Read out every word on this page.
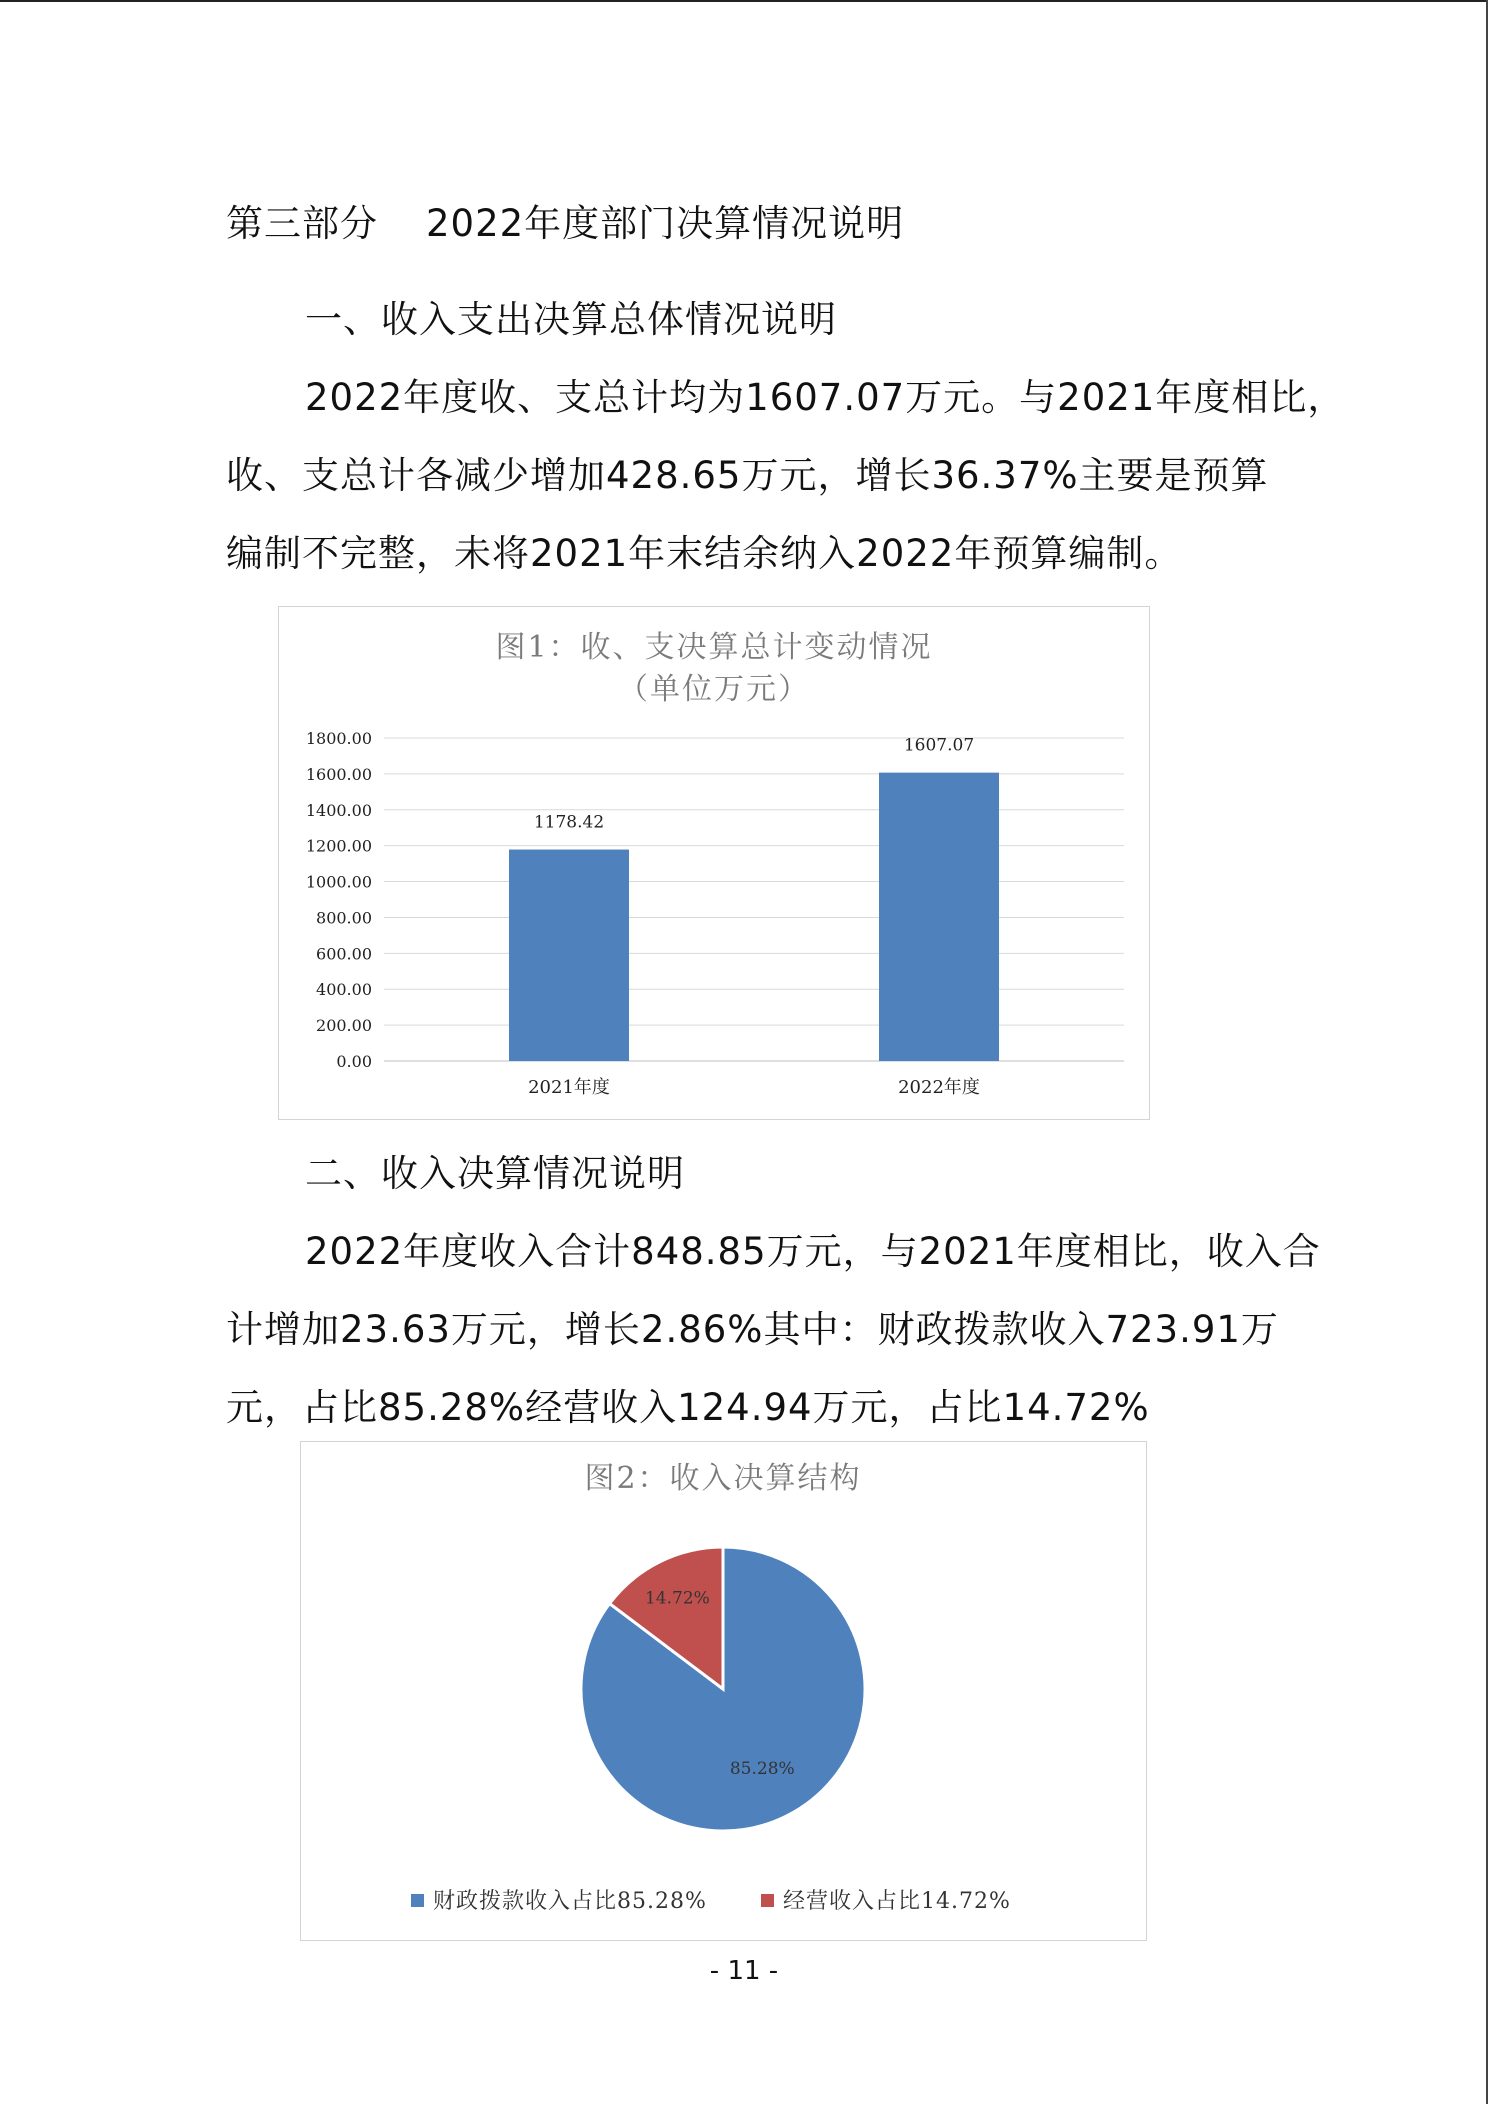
第三部分 2022年度部门决算情况说明
一、收入支出决算总体情况说明
2022年度收、支总计均为1607.07万元。与2021年度相比，
收、支总计各减少增加428.65万元，增长36.37%主要是预算
编制不完整，未将2021年末结余纳入2022年预算编制。
图1：收、支决算总计变动情况
（单位万元）
0.00
200.00
400.00
600.00
800.00
1000.00
1200.00
1400.00
1600.00
1800.00
1178.42
1607.07
2021年度	2022年度
二、收入决算情况说明
2022年度收入合计848.85万元，与2021年度相比，收入合
计增加23.63万元，增长2.86%其中：财政拨款收入723.91万
元，占比85.28%经营收入124.94万元，占比14.72%
图2：收入决算结构
85.28%
14.72%
财政拨款收入占比85.28%	经营收入占比14.72%
- 11 -
